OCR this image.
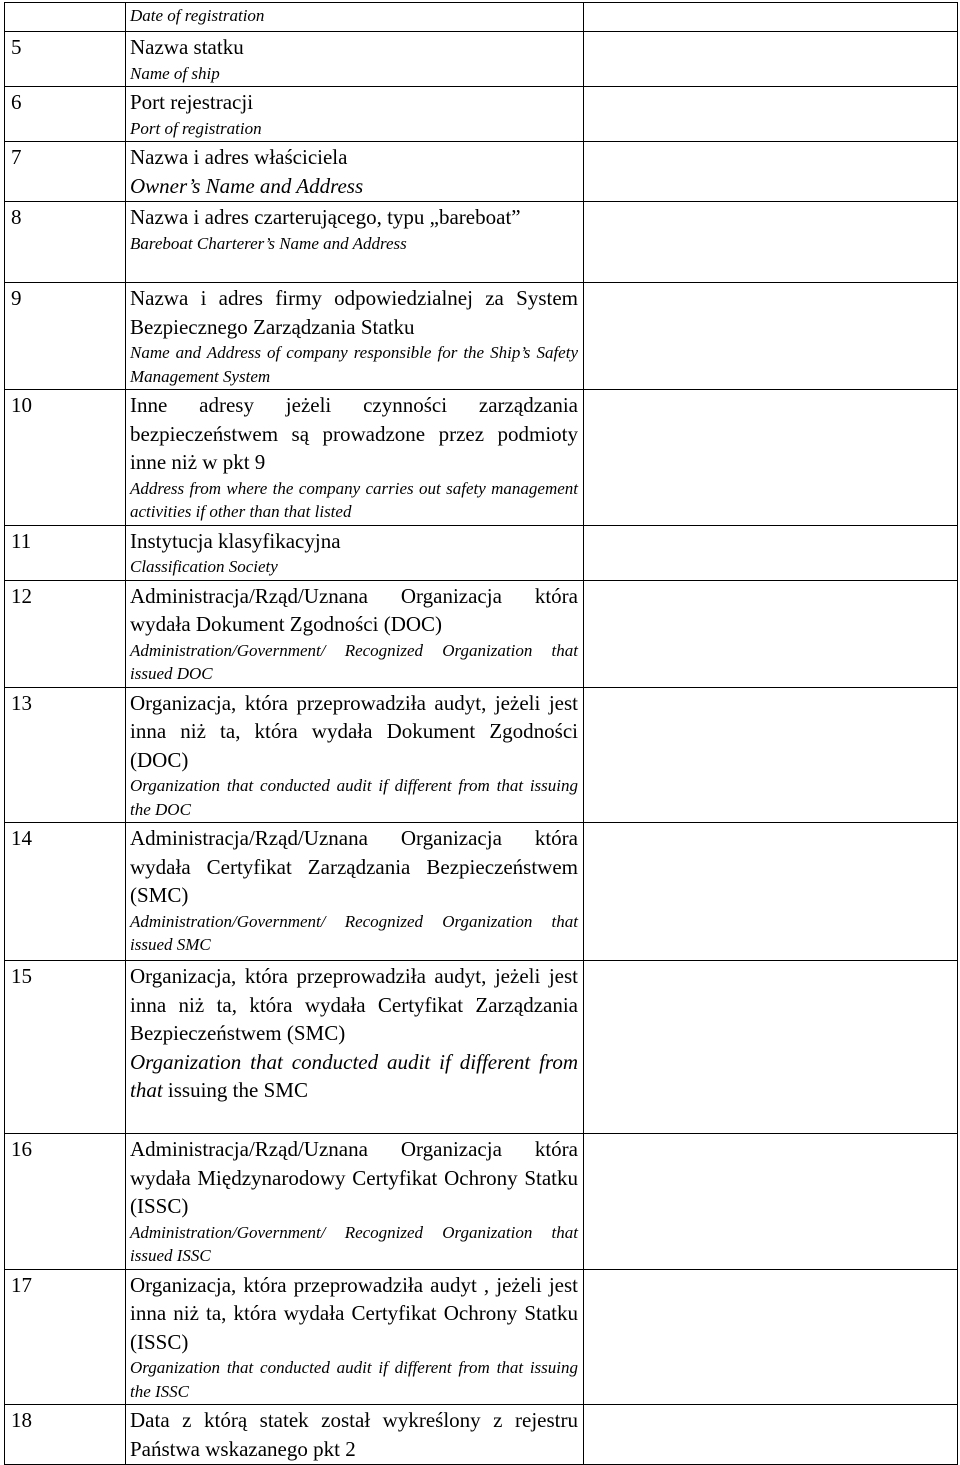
	Date of registration	

5	Nazwa statku
Name of ship	

6	Port rejestracji
Port of registration	

7	Nazwa i adres właściciela
Owner’s Name and Address	

8	Nazwa i adres czarterującego, typu „bareboat”
Bareboat Charterer’s Name and Address	

9	Nazwa i adres firmy odpowiedzialnej za System Bezpiecznego Zarządzania Statku
Name and Address of company responsible for the Ship’s Safety Management System	

10	Inne adresy jeżeli czynności zarządzania bezpieczeństwem są prowadzone przez podmioty inne niż w pkt 9
Address from where the company carries out safety management activities if other than that listed	

11	Instytucja klasyfikacyjna
Classification Society	

12	Administracja/Rząd/Uznana Organizacja która wydała Dokument Zgodności (DOC)
Administration/Government/ Recognized Organization that issued DOC	

13	Organizacja, która przeprowadziła audyt, jeżeli jest inna niż ta, która wydała Dokument Zgodności (DOC)
Organization that conducted audit if different from that issuing the DOC	

14	Administracja/Rząd/Uznana Organizacja która wydała Certyfikat Zarządzania Bezpieczeństwem (SMC)
Administration/Government/ Recognized Organization that issued SMC	

15	Organizacja, która przeprowadziła audyt, jeżeli jest inna niż ta, która wydała Certyfikat Zarządzania Bezpieczeństwem (SMC)
Organization that conducted audit if different from that issuing the SMC	

16	Administracja/Rząd/Uznana Organizacja która wydała Międzynarodowy Certyfikat Ochrony Statku (ISSC)
Administration/Government/ Recognized Organization that issued ISSC	

17	Organizacja, która przeprowadziła audyt , jeżeli jest inna niż ta, która wydała Certyfikat Ochrony Statku (ISSC)
Organization that conducted audit if different from that issuing the ISSC	

18	Data z którą statek został wykreślony z rejestru Państwa wskazanego pkt 2	
